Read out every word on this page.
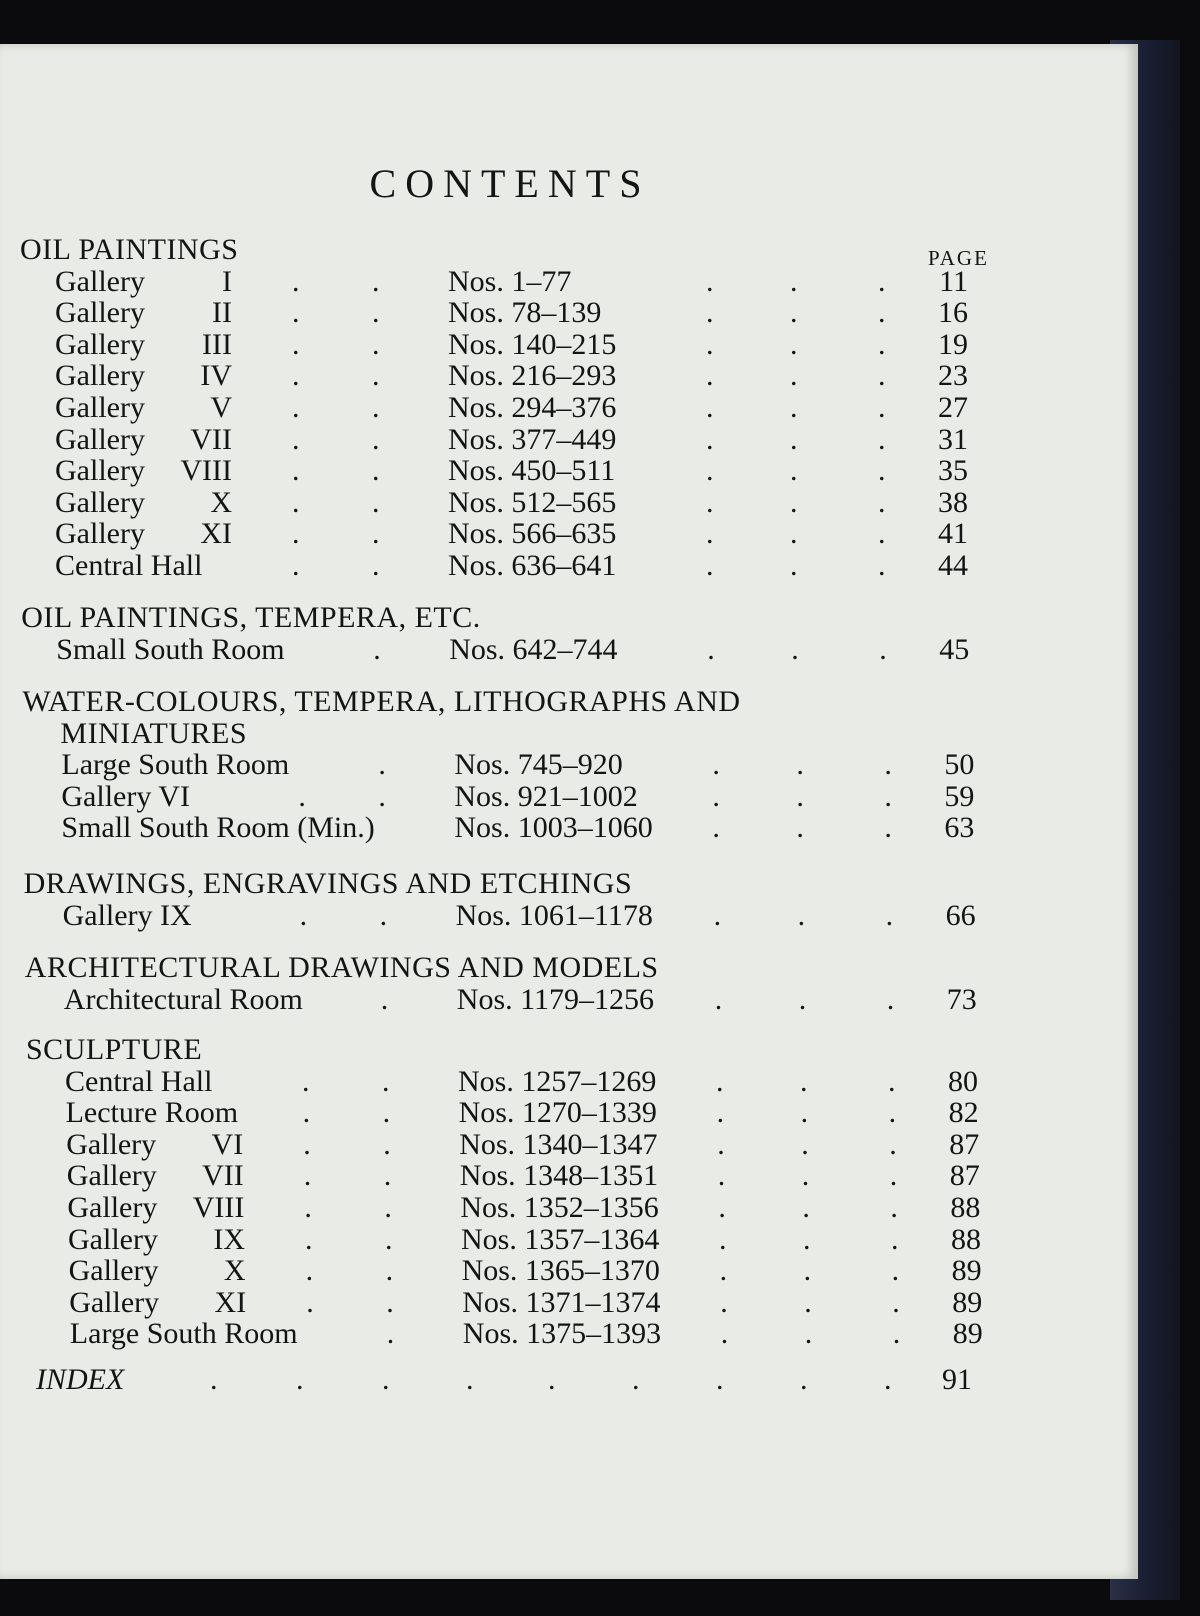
CONTENTS
PAGE
OIL PAINTINGS
Gallery	I . . Nos. 1–77	.	.	.	11
Gallery	II . . Nos. 78–139	.	.	.	16
Gallery	III . . Nos. 140–215	.	.	.	19
Gallery	IV . . Nos. 216–293	.	.	.	23
Gallery	V . . Nos. 294–376	.	.	.	27
Gallery	VII . . Nos. 377–449	.	.	.	31
Gallery	VIII . . Nos. 450–511	.	.	.	35
Gallery	X . . Nos. 512–565	.	.	.	38
Gallery	XI . . Nos. 566–635	.	.	.	41
Central Hall	. . Nos. 636–641	.	.	.	44
OIL PAINTINGS, TEMPERA, ETC.
Small South Room	. Nos. 642–744	.	.	.	45
WATER-COLOURS, TEMPERA, LITHOGRAPHS AND
MINIATURES
Large South Room	. Nos. 745–920	.	.	.	50
Gallery VI	. . Nos. 921–1002 .	.	.	59
Small South Room (Min.)	Nos. 1003–1060 .	.	.	63
DRAWINGS, ENGRAVINGS AND ETCHINGS
Gallery IX	. . Nos. 1061–1178 .	.	.	66
ARCHITECTURAL DRAWINGS AND MODELS
Architectural Room	. Nos. 1179–1256 .	.	.	73
SCULPTURE
Central Hall	. . Nos. 1257–1269 .	.	.	80
Lecture Room . . Nos. 1270–1339 .	.	.	82
Gallery	VI . . Nos. 1340–1347 .	.	.	87
Gallery	VII . . Nos. 1348–1351 .	.	.	87
Gallery	VIII . . Nos. 1352–1356 .	.	.	88
Gallery	IX . . Nos. 1357–1364 .	.	.	88
Gallery	X . . Nos. 1365–1370 .	.	.	89
Gallery	XI . . Nos. 1371–1374 .	.	.	89
Large South Room	. Nos. 1375–1393 .	.	.	89
INDEX	.	.	.	. .	.	.	.	.	91
